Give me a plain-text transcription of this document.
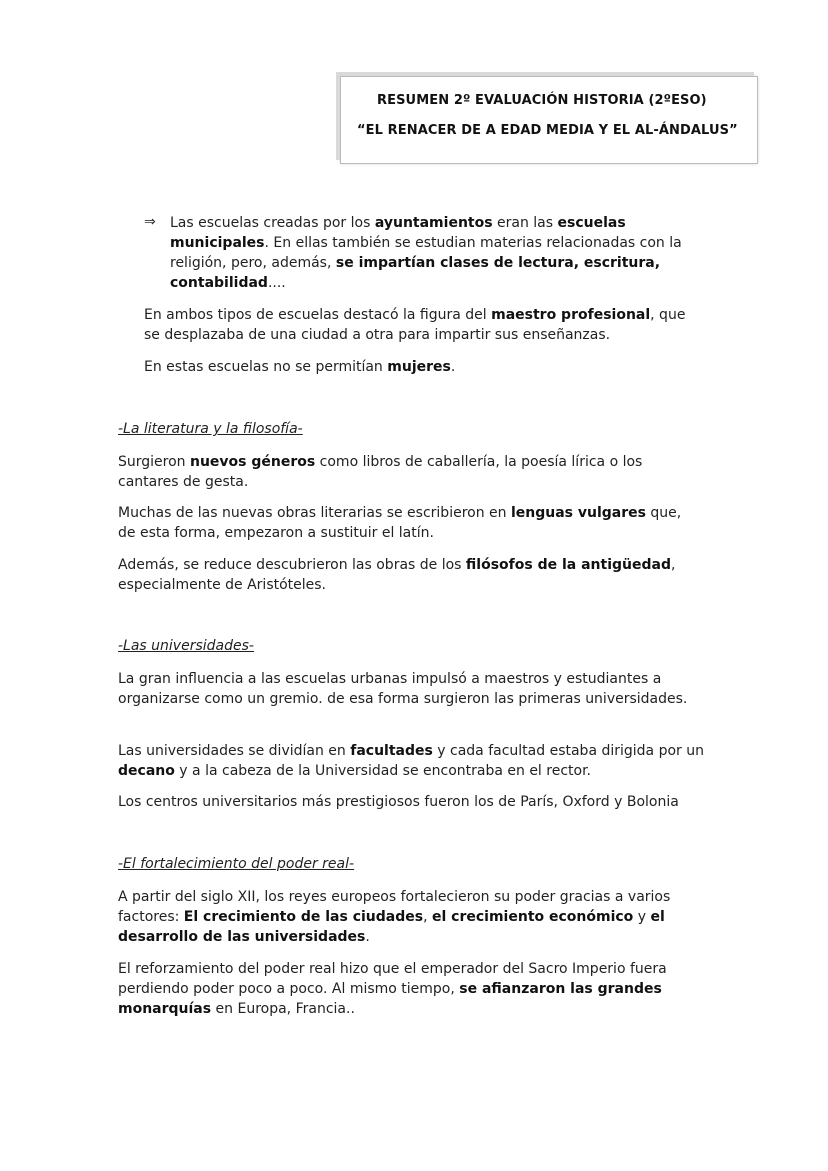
RESUMEN 2º EVALUACIÓN HISTORIA (2ºESO)
“EL RENACER DE A EDAD MEDIA Y EL AL-ÁNDALUS”
⇒ Las escuelas creadas por los ayuntamientos eran las escuelas municipales. En ellas también se estudian materias relacionadas con la religión, pero, además, se impartían clases de lectura, escritura, contabilidad....
En ambos tipos de escuelas destacó la figura del maestro profesional, que se desplazaba de una ciudad a otra para impartir sus enseñanzas.
En estas escuelas no se permitían mujeres.
-La literatura y la filosofía-
Surgieron nuevos géneros como libros de caballería, la poesía lírica o los cantares de gesta.
Muchas de las nuevas obras literarias se escribieron en lenguas vulgares que, de esta forma, empezaron a sustituir el latín.
Además, se reduce descubrieron las obras de los filósofos de la antigüedad, especialmente de Aristóteles.
-Las universidades-
La gran influencia a las escuelas urbanas impulsó a maestros y estudiantes a organizarse como un gremio. de esa forma surgieron las primeras universidades.
Las universidades se dividían en facultades y cada facultad estaba dirigida por un decano y a la cabeza de la Universidad se encontraba en el rector.
Los centros universitarios más prestigiosos fueron los de París, Oxford y Bolonia
-El fortalecimiento del poder real-
A partir del siglo XII, los reyes europeos fortalecieron su poder gracias a varios factores: El crecimiento de las ciudades, el crecimiento económico y el desarrollo de las universidades.
El reforzamiento del poder real hizo que el emperador del Sacro Imperio fuera perdiendo poder poco a poco. Al mismo tiempo, se afianzaron las grandes monarquías en Europa, Francia..
